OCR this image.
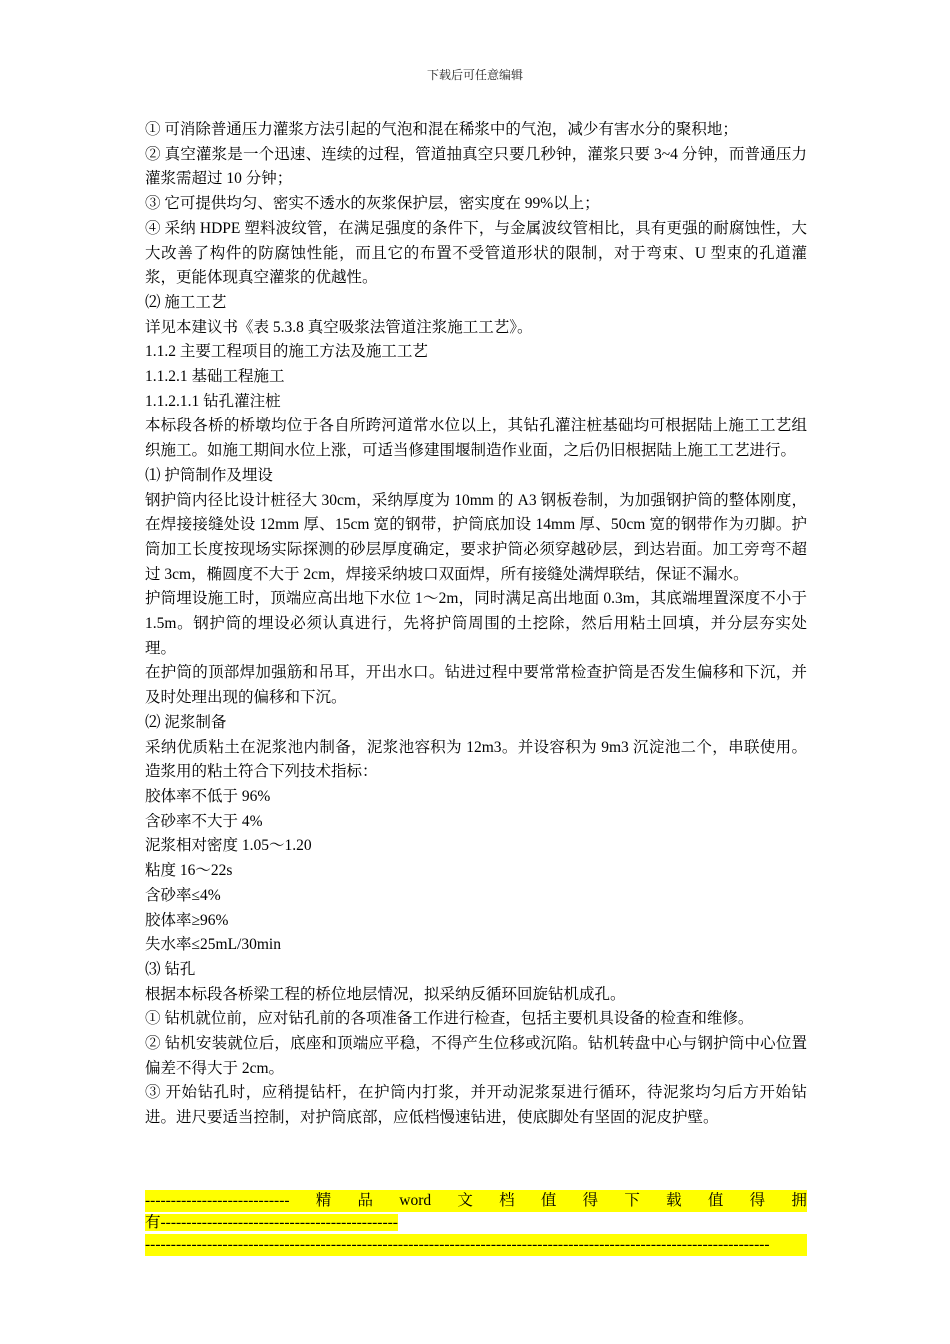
下载后可任意编辑

① 可消除普通压力灌浆方法引起的气泡和混在稀浆中的气泡，减少有害水分的聚积地；

② 真空灌浆是一个迅速、连续的过程，管道抽真空只要几秒钟，灌浆只要 3~4 分钟，而普通压力灌浆需超过 10 分钟；

③ 它可提供均匀、密实不透水的灰浆保护层，密实度在 99%以上；

④ 采纳 HDPE 塑料波纹管，在满足强度的条件下，与金属波纹管相比，具有更强的耐腐蚀性，大大改善了构件的防腐蚀性能，而且它的布置不受管道形状的限制，对于弯束、U 型束的孔道灌浆，更能体现真空灌浆的优越性。

⑵ 施工工艺

详见本建议书《表 5.3.8 真空吸浆法管道注浆施工工艺》。

1.1.2 主要工程项目的施工方法及施工工艺

1.1.2.1 基础工程施工

1.1.2.1.1 钻孔灌注桩

本标段各桥的桥墩均位于各自所跨河道常水位以上，其钻孔灌注桩基础均可根据陆上施工工艺组织施工。如施工期间水位上涨，可适当修建围堰制造作业面，之后仍旧根据陆上施工工艺进行。

⑴ 护筒制作及埋设

钢护筒内径比设计桩径大 30cm，采纳厚度为 10mm 的 A3 钢板卷制，为加强钢护筒的整体刚度，在焊接接缝处设 12mm 厚、15cm 宽的钢带，护筒底加设 14mm 厚、50cm 宽的钢带作为刃脚。护筒加工长度按现场实际探测的砂层厚度确定，要求护筒必须穿越砂层，到达岩面。加工旁弯不超过 3cm，椭圆度不大于 2cm，焊接采纳坡口双面焊，所有接缝处满焊联结，保证不漏水。

护筒埋设施工时，顶端应高出地下水位 1～2m，同时满足高出地面 0.3m，其底端埋置深度不小于 1.5m。钢护筒的埋设必须认真进行，先将护筒周围的土挖除，然后用粘土回填，并分层夯实处理。

在护筒的顶部焊加强筋和吊耳，开出水口。钻进过程中要常常检查护筒是否发生偏移和下沉，并及时处理出现的偏移和下沉。

⑵ 泥浆制备

采纳优质粘土在泥浆池内制备，泥浆池容积为 12m3。并设容积为 9m3 沉淀池二个，串联使用。造浆用的粘土符合下列技术指标：

胶体率不低于 96%

含砂率不大于 4%

泥浆相对密度 1.05～1.20

粘度 16～22s

含砂率≤4%

胶体率≥96%

失水率≤25mL/30min

⑶ 钻孔

根据本标段各桥梁工程的桥位地层情况，拟采纳反循环回旋钻机成孔。

① 钻机就位前，应对钻孔前的各项准备工作进行检查，包括主要机具设备的检查和维修。

② 钻机安装就位后，底座和顶端应平稳，不得产生位移或沉陷。钻机转盘中心与钢护筒中心位置偏差不得大于 2cm。

③ 开始钻孔时，应稍提钻杆，在护筒内打浆，并开动泥浆泵进行循环，待泥浆均匀后方开始钻进。进尺要适当控制，对护筒底部，应低档慢速钻进，使底脚处有坚固的泥皮护壁。

---------------------------- 精 品 word 文 档 值 得 下 载 值 得 拥
有----------------------------------------------
-------------------------------------------------------------------------------------------------------------------------
